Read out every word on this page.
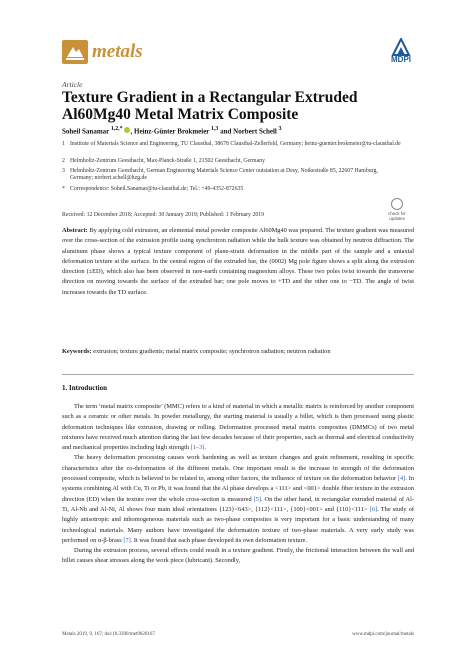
metals	MDPI
Article
Texture Gradient in a Rectangular Extruded Al60Mg40 Metal Matrix Composite
Soheil Sanamar $^{1,2,*}$ , Heinz-Günter Brokmeier $^{1,3}$ and Norbert Schell $^3$
1 Institute of Materials Science and Engineering, TU Clausthal, 38678 Clausthal-Zellerfeld, Germany; heinz-guenter.brokmeier@tu-clausthal.de
2 Helmholtz-Zentrum Geesthacht, Max-Planck-Straße 1, 21502 Geesthacht, Germany
3 Helmholtz-Zentrum Geesthacht, German Engineering Materials Science Center outstation at Desy, Notkestraße 85, 22607 Hamburg, Germany; norbert.schell@hzg.de
* Correspondence: Soheil.Sanamar@tu-clausthal.de; Tel.: +49-4352-872635
Received: 12 December 2018; Accepted: 30 January 2019; Published: 1 February 2019	check for
updates
Abstract: By applying cold extrusion, an elemental metal powder composite Al60Mg40 was prepared. The texture gradient was measured over the cross-section of the extrusion profile using synchrotron radiation while the bulk texture was obtained by neutron diffraction. The aluminum phase shows a typical texture component of plane-strain deformation in the middle part of the sample and a uniaxial deformation texture at the surface. In the central region of the extruded bar, the (0002) Mg pole figure shows a split along the extrusion direction (±ED), which also has been observed in rare-earth containing magnesium alloys. These two poles twist towards the transverse direction on moving towards the surface of the extruded bar; one pole moves to +TD and the other one to −TD. The angle of twist increases towards the TD surface.
Keywords: extrusion; texture gradients; metal matrix composite; synchrotron radiation; neutron radiation
1. Introduction

The term ‘metal matrix composite’ (MMC) refers to a kind of material in which a metallic matrix is reinforced by another component such as a ceramic or other metals. In powder metallurgy, the starting material is usually a billet, which is then processed using plastic deformation techniques like extrusion, drawing or rolling. Deformation processed metal matrix composites (DMMCs) of two metal mixtures have received much attention during the last few decades because of their properties, such as thermal and electrical conductivity and mechanical properties including high strength [1–3].

The heavy deformation processing causes work hardening as well as texture changes and grain refinement, resulting in specific characteristics after the co-deformation of the different metals. One important result is the increase in strength of the deformation processed composite, which is believed to be related to, among other factors, the influence of texture on the deformation behavior [4]. In systems combining Al with Cu, Ti or Pb, it was found that the Al phase develops a <111> and <001> double fiber texture in the extrusion direction (ED) when the texture over the whole cross-section is measured [5]. On the other hand, in rectangular extruded material of Al-Ti, Al-Nb and Al-Ni, Al shows four main ideal orientations {123}<643>, {112}<111>, {100}<001> and {110}<111> [6]. The study of highly anisotropic and inhomogeneous materials such as two-phase composites is very important for a basic understanding of many technological materials. Many authors have investigated the deformation texture of two-phase materials. A very early study was performed on α-β-brass [7]. It was found that each phase developed its own deformation texture.

During the extrusion process, several effects could result in a texture gradient. Firstly, the frictional interaction between the wall and billet causes shear stresses along the work piece (lubricant). Secondly,

Metals 2019, 9, 167; doi:10.3390/met9020167	www.mdpi.com/journal/metals
